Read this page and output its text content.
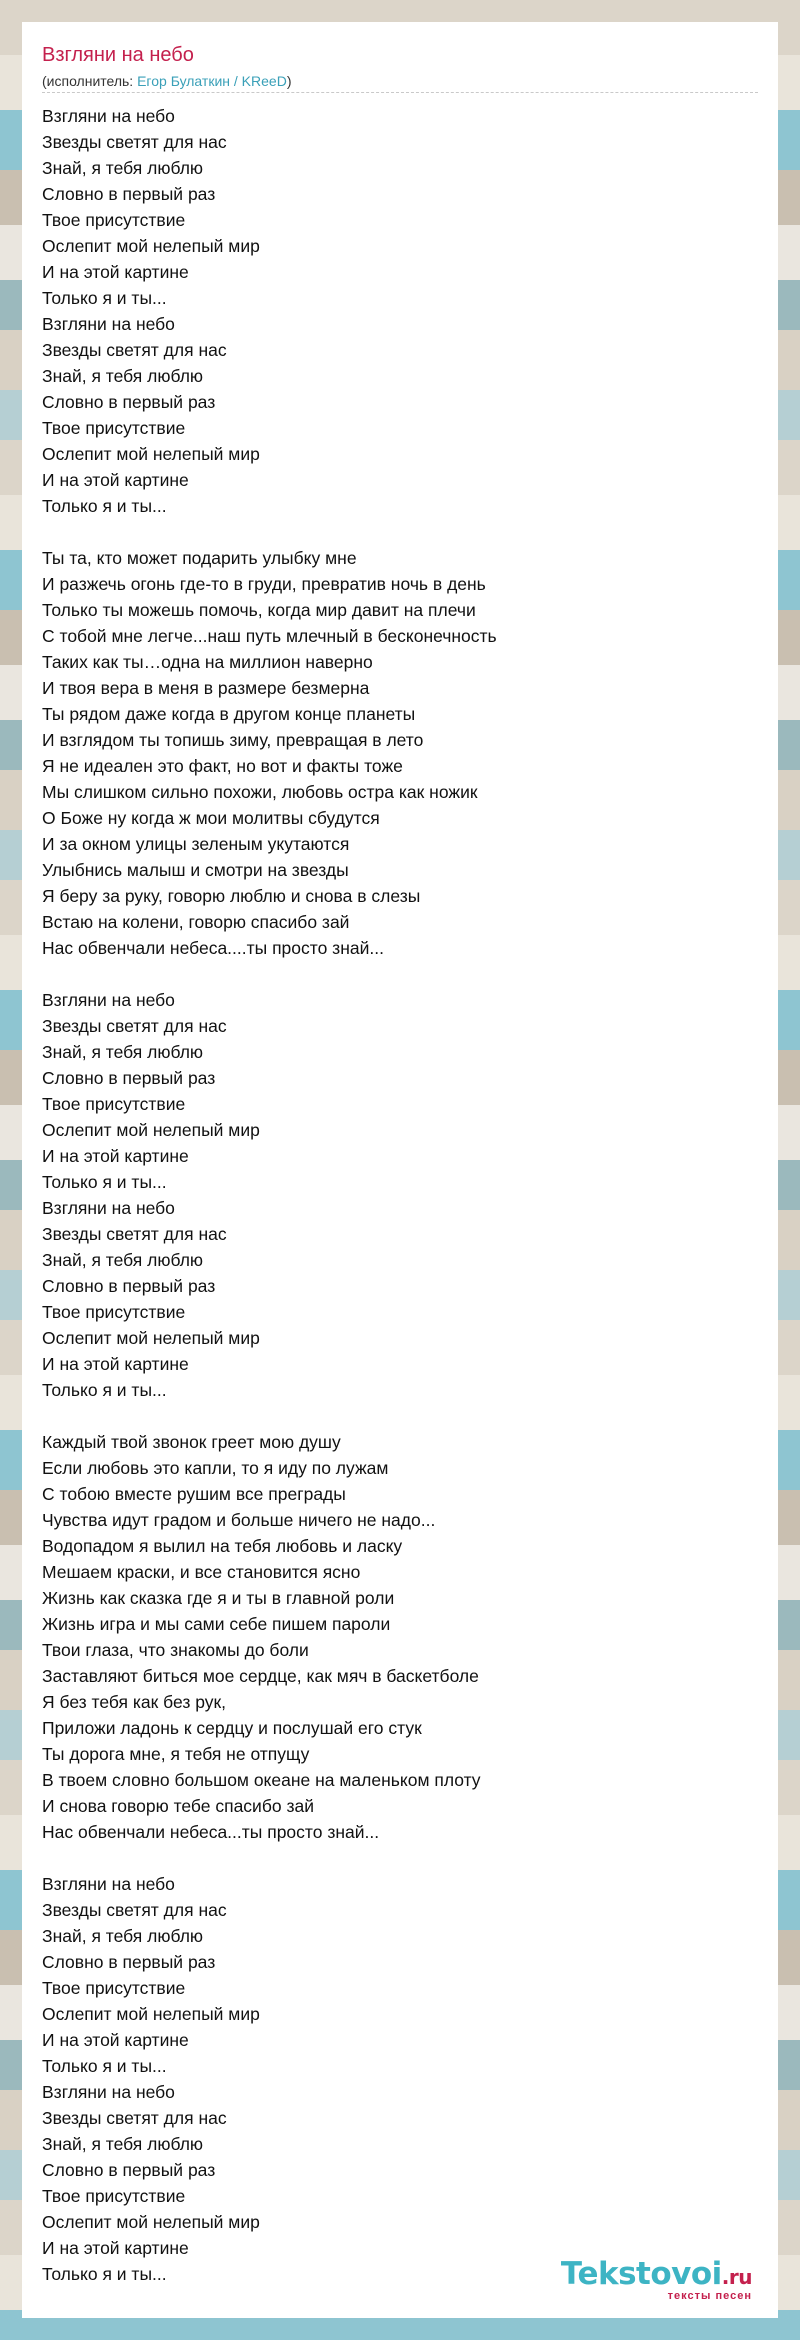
Взгляни на небо
(исполнитель: Егор Булаткин / KReeD)
Взгляни на небо
Звезды светят для нас
Знай, я тебя люблю
Словно в первый раз
Твое присутствие
Ослепит мой нелепый мир
И на этой картине
Только я и ты...
Взгляни на небо
Звезды светят для нас
Знай, я тебя люблю
Словно в первый раз
Твое присутствие
Ослепит мой нелепый мир
И на этой картине
Только я и ты...
Ты та, кто может подарить улыбку мне
И разжечь огонь где-то в груди, превратив ночь в день
Только ты можешь помочь, когда мир давит на плечи
С тобой мне легче...наш путь млечный в бесконечность
Таких как ты…одна на миллион наверно
И твоя вера в меня в размере безмерна
Ты рядом даже когда в другом конце планеты
И взглядом ты топишь зиму, превращая в лето
Я не идеален это факт, но вот и факты тоже
Мы слишком сильно похожи, любовь остра как ножик
О Боже ну когда ж мои молитвы сбудутся
И за окном улицы зеленым укутаются
Улыбнись малыш и смотри на звезды
Я беру за руку, говорю люблю и снова в слезы
Встаю на колени, говорю спасибо зай
Нас обвенчали небеса....ты просто знай...
Взгляни на небо
Звезды светят для нас
Знай, я тебя люблю
Словно в первый раз
Твое присутствие
Ослепит мой нелепый мир
И на этой картине
Только я и ты...
Взгляни на небо
Звезды светят для нас
Знай, я тебя люблю
Словно в первый раз
Твое присутствие
Ослепит мой нелепый мир
И на этой картине
Только я и ты...
Каждый твой звонок греет мою душу
Если любовь это капли, то я иду по лужам
С тобою вместе рушим все преграды
Чувства идут градом и больше ничего не надо...
Водопадом я вылил на тебя любовь и ласку
Мешаем краски, и все становится ясно
Жизнь как сказка где я и ты в главной роли
Жизнь игра и мы сами себе пишем пароли
Твои глаза, что знакомы до боли
Заставляют биться мое сердце, как мяч в баскетболе
Я без тебя как без рук,
Приложи ладонь к сердцу и послушай его стук
Ты дорога мне, я тебя не отпущу
В твоем словно большом океане на маленьком плоту
И снова говорю тебе спасибо зай
Нас обвенчали небеса...ты просто знай...
Взгляни на небо
Звезды светят для нас
Знай, я тебя люблю
Словно в первый раз
Твое присутствие
Ослепит мой нелепый мир
И на этой картине
Только я и ты...
Взгляни на небо
Звезды светят для нас
Знай, я тебя люблю
Словно в первый раз
Твое присутствие
Ослепит мой нелепый мир
И на этой картине
Только я и ты...	Tekstovoi.ru
тексты песен
